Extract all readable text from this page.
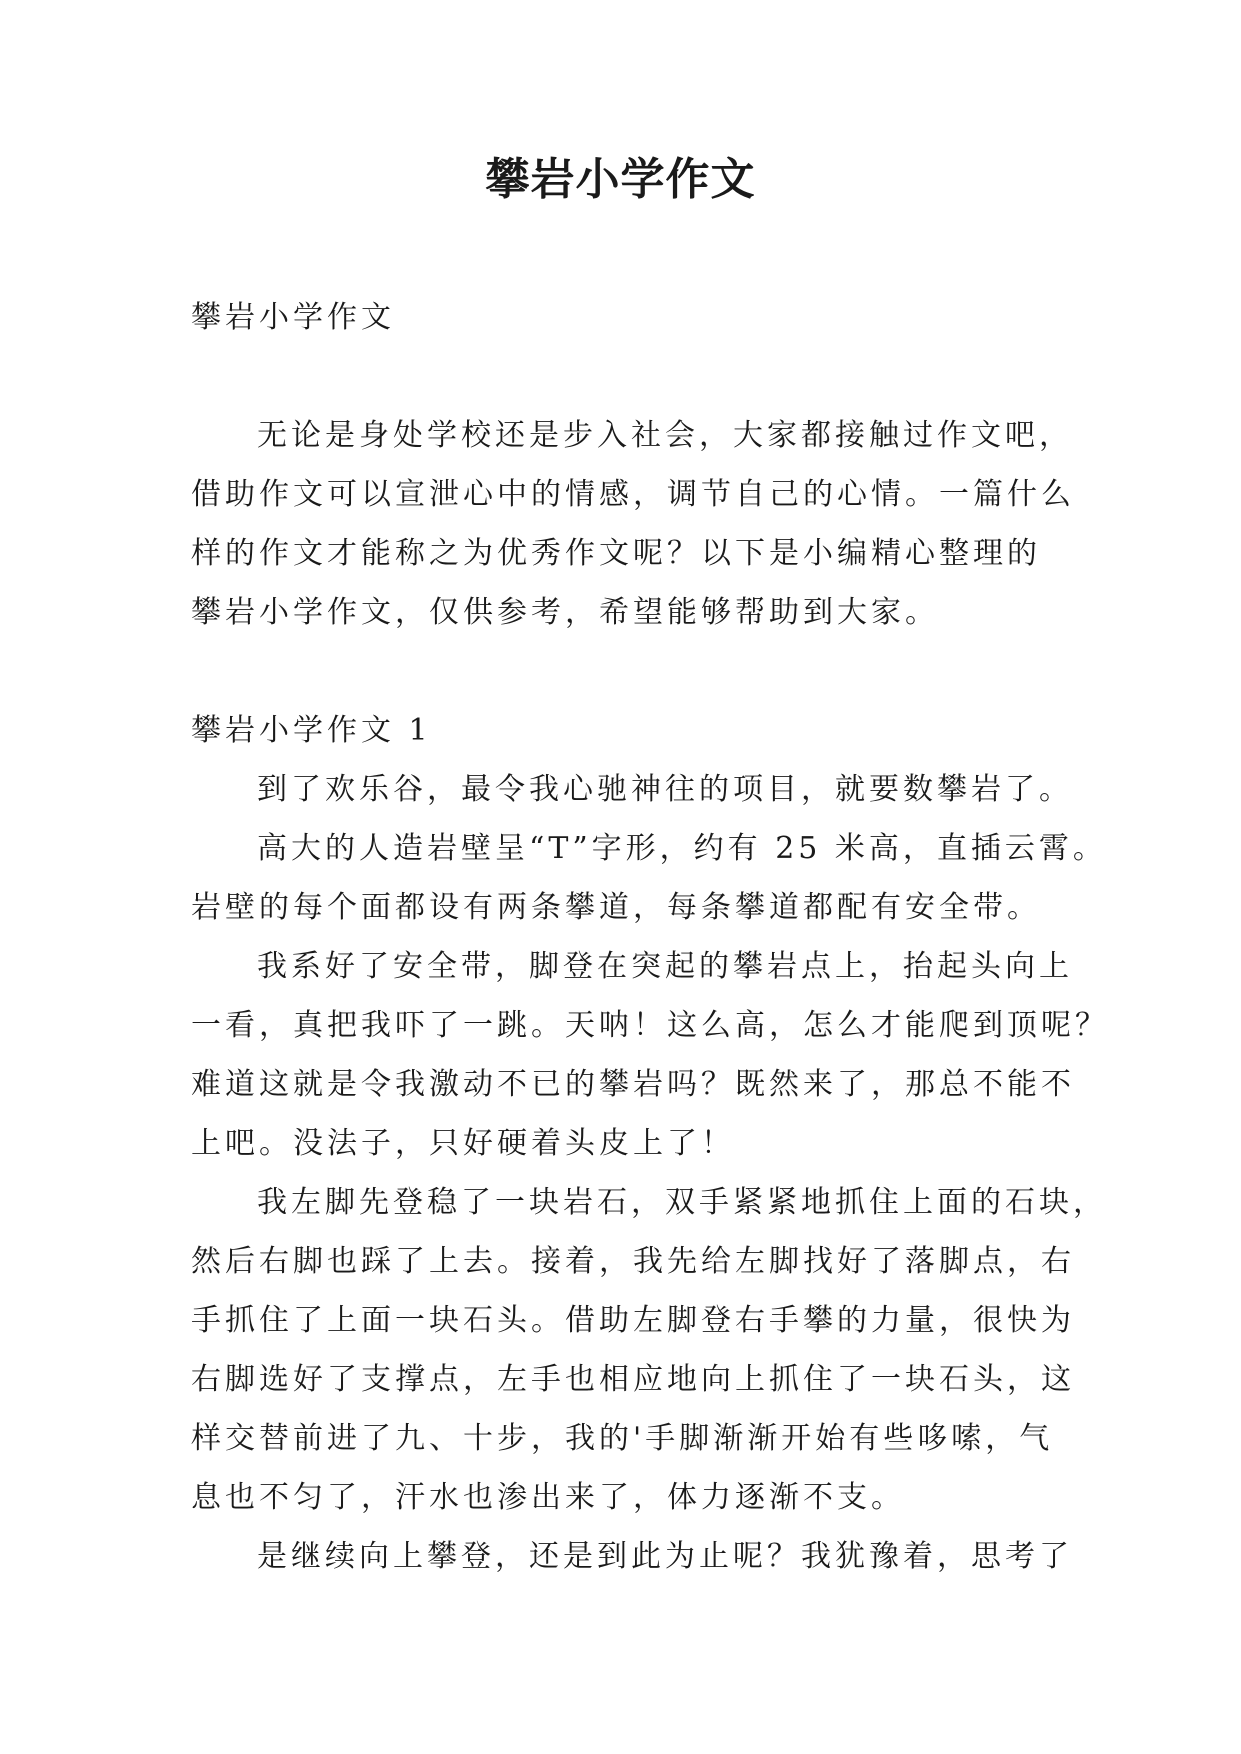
攀岩小学作文

攀岩小学作文

无论是身处学校还是步入社会，大家都接触过作文吧，
借助作文可以宣泄心中的情感，调节自己的心情。一篇什么
样的作文才能称之为优秀作文呢？以下是小编精心整理的
攀岩小学作文，仅供参考，希望能够帮助到大家。

攀岩小学作文 1

到了欢乐谷，最令我心驰神往的项目，就要数攀岩了。

高大的人造岩壁呈“T”字形，约有 25 米高，直插云霄。
岩壁的每个面都设有两条攀道，每条攀道都配有安全带。

我系好了安全带，脚登在突起的攀岩点上，抬起头向上
一看，真把我吓了一跳。天呐！这么高，怎么才能爬到顶呢？
难道这就是令我激动不已的攀岩吗？既然来了，那总不能不
上吧。没法子，只好硬着头皮上了！

我左脚先登稳了一块岩石，双手紧紧地抓住上面的石块，
然后右脚也踩了上去。接着，我先给左脚找好了落脚点，右
手抓住了上面一块石头。借助左脚登右手攀的力量，很快为
右脚选好了支撑点，左手也相应地向上抓住了一块石头，这
样交替前进了九、十步，我的'手脚渐渐开始有些哆嗦，气
息也不匀了，汗水也渗出来了，体力逐渐不支。

是继续向上攀登，还是到此为止呢？我犹豫着，思考了
